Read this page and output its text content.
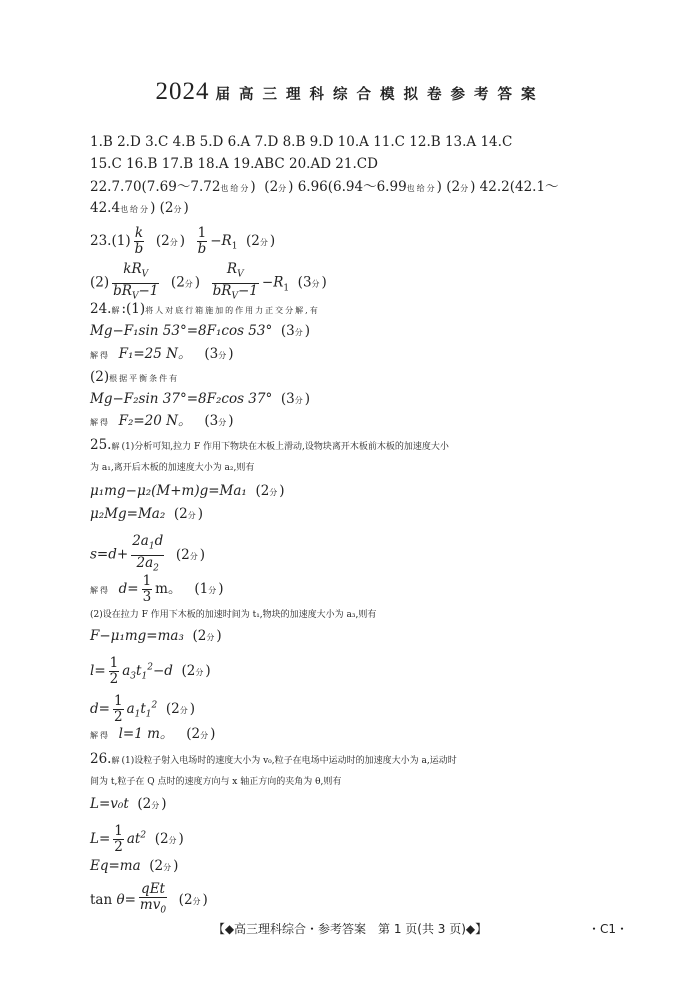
2024 届高三理科综合模拟卷参考答案
1.B 2.D 3.C 4.B 5.D 6.A 7.D 8.B 9.D 10.A 11.C 12.B 13.A 14.C
15.C 16.B 17.B 18.A 19.ABC 20.AD 21.CD
22.7.70(7.69～7.72也给分) (2分) 6.96(6.94～6.99也给分) (2分) 42.2(42.1～
42.4也给分) (2分)
$23.(1) \frac{k}{b} (2$分) $\frac{1}{b} -R_1$  (2分)
$(2) \frac{kR_V}{bR_V-1} (2$分) $\frac{R_V}{bR_V-1} -R_1$  (3分)
24.解:(1)将人对底行箱施加的作用力正交分解,有
Mg−F₁sin 53°=8F₁cos 53° (3分)
解得 F₁=25 N。   (3分)
(2)根据平衡条件有
Mg−F₂sin 37°=8F₂cos 37° (3分)
解得 F₂=20 N。   (3分)
25.解(1)分析可知,拉力 F 作用下物块在木板上滑动,设物块离开木板前木板的加速度大小
为 a₁,离开后木板的加速度大小为 a₂,则有
μ₁mg−μ₂(M+m)g=Ma₁ (2分)
μ₂Mg=Ma₂ (2分)
$s=d+ \frac{2a_1d}{2a_2} (2$分)
解得 $d= \frac{1}{3}$ m。   (1分)
(2)设在拉力 F 作用下木板的加速时间为 t₁,物块的加速度大小为 a₃,则有
F−μ₁mg=ma₃ (2分)
$l= \frac{1}{2} a_3t_1^2-d$  (2分)
$d= \frac{1}{2} a_1t_1^2$ (2分)
解得 l=1 m。   (2分)
26.解(1)设粒子射入电场时的速度大小为 v₀,粒子在电场中运动时的加速度大小为 a,运动时
间为 t,粒子在 Q 点时的速度方向与 x 轴正方向的夹角为 θ,则有
L=v₀t (2分)
$L= \frac{1}{2} at^2$ (2分)
Eq=ma (2分)
$\tan \theta= \frac{\text{qEt}}{mv_0} (2$分)
【◆高三理科综合・参考答案　第 1 页(共 3 页)◆】	・C1・
